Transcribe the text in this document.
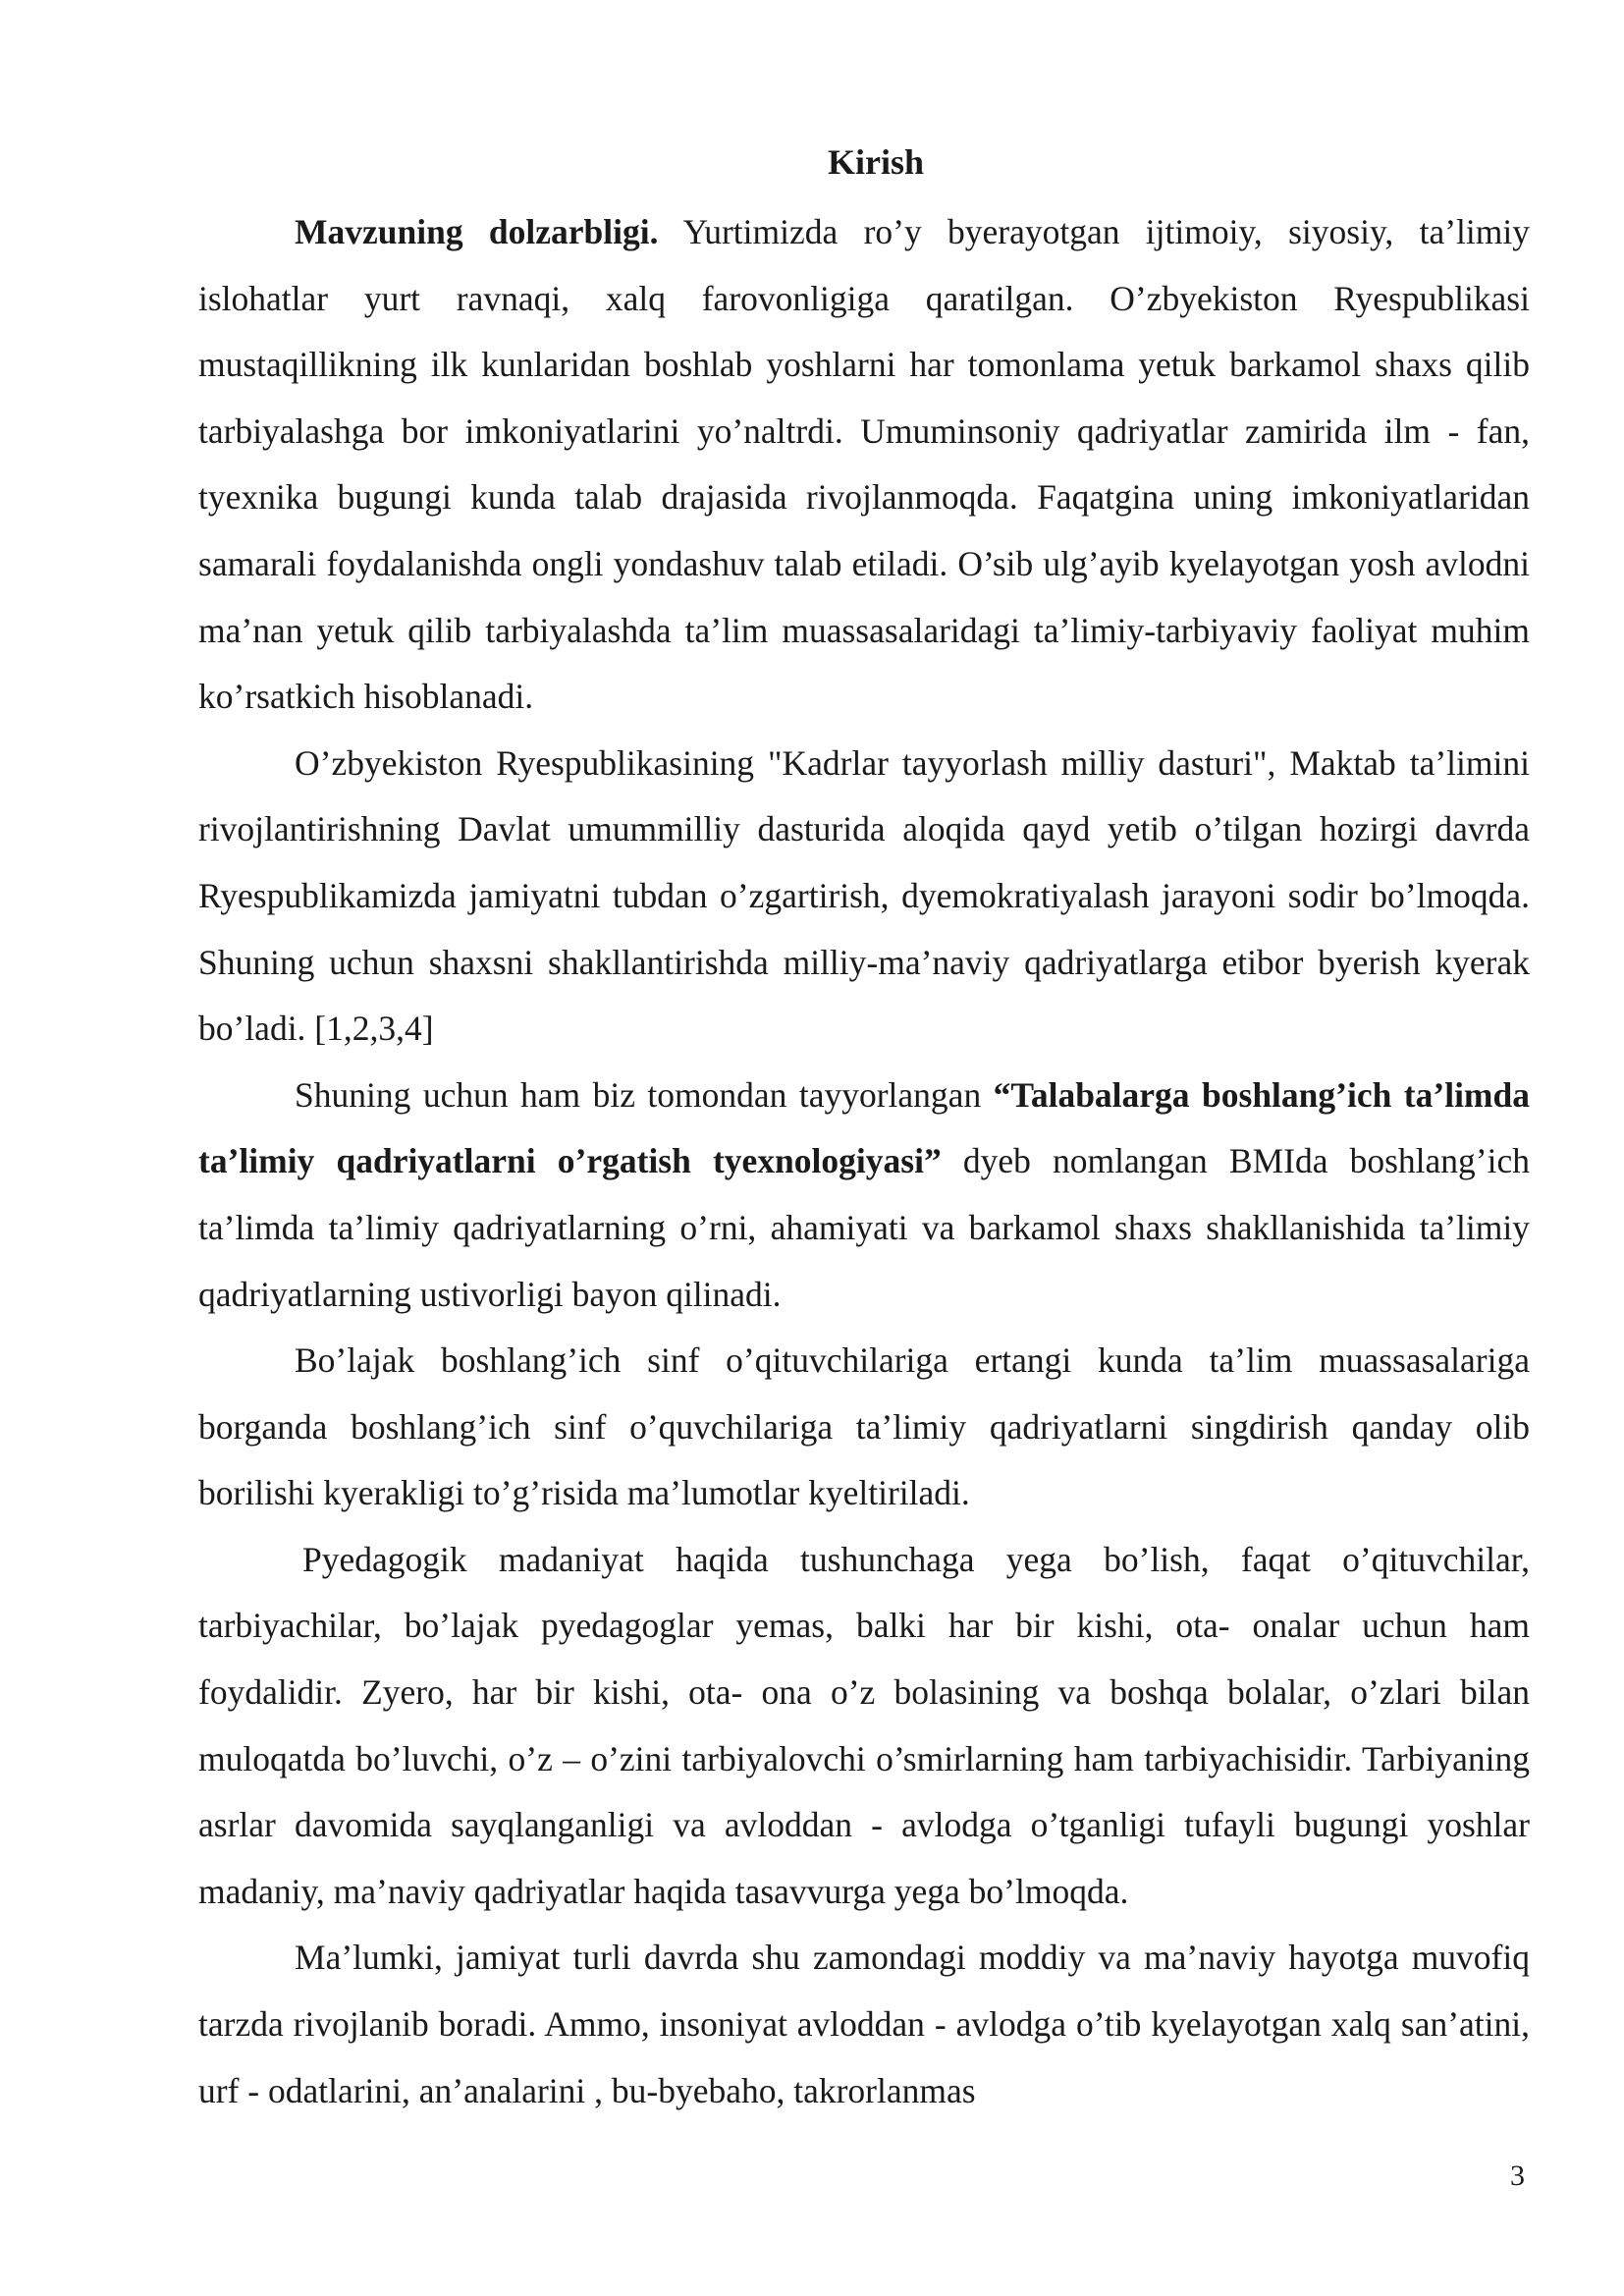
Kirish

Mavzuning dolzarbligi. Yurtimizda ro’y byerayotgan ijtimoiy, siyosiy, ta’limiy islohatlar yurt ravnaqi, xalq farovonligiga qaratilgan. O’zbyekiston Ryespublikasi mustaqillikning ilk kunlaridan boshlab yoshlarni har tomonlama yetuk barkamol shaxs qilib tarbiyalashga bor imkoniyatlarini yo’naltrdi. Umuminsoniy qadriyatlar zamirida ilm - fan, tyexnika bugungi kunda talab drajasida rivojlanmoqda. Faqatgina uning imkoniyatlaridan samarali foydalanishda ongli yondashuv talab etiladi. O’sib ulg’ayib kyelayotgan yosh avlodni ma’nan yetuk qilib tarbiyalashda ta’lim muassasalaridagi ta’limiy-tarbiyaviy faoliyat muhim ko’rsatkich hisoblanadi.

O’zbyekiston Ryespublikasining "Kadrlar tayyorlash milliy dasturi", Maktab ta’limini rivojlantirishning Davlat umummilliy dasturida aloqida qayd yetib o’tilgan hozirgi davrda Ryespublikamizda jamiyatni tubdan o’zgartirish, dyemokratiyalash jarayoni sodir bo’lmoqda. Shuning uchun shaxsni shakllantirishda milliy-ma’naviy qadriyatlarga etibor byerish kyerak bo’ladi. [1,2,3,4]

Shuning uchun ham biz tomondan tayyorlangan “Talabalarga boshlang’ich ta’limda ta’limiy qadriyatlarni o’rgatish tyexnologiyasi” dyeb nomlangan BMIda boshlang’ich ta’limda ta’limiy qadriyatlarning o’rni, ahamiyati va barkamol shaxs shakllanishida ta’limiy qadriyatlarning ustivorligi bayon qilinadi.

Bo’lajak boshlang’ich sinf o’qituvchilariga ertangi kunda ta’lim muassasalariga borganda boshlang’ich sinf o’quvchilariga ta’limiy qadriyatlarni singdirish qanday olib borilishi kyerakligi to’g’risida ma’lumotlar kyeltiriladi.

Pyedagogik madaniyat haqida tushunchaga yega bo’lish, faqat o’qituvchilar, tarbiyachilar, bo’lajak pyedagoglar yemas, balki har bir kishi, ota- onalar uchun ham foydalidir. Zyero, har bir kishi, ota- ona o’z bolasining va boshqa bolalar, o’zlari bilan muloqatda bo’luvchi, o’z – o’zini tarbiyalovchi o’smirlarning ham tarbiyachisidir. Tarbiyaning asrlar davomida sayqlanganligi va avloddan - avlodga o’tganligi tufayli bugungi yoshlar madaniy, ma’naviy qadriyatlar haqida tasavvurga yega bo’lmoqda.

Ma’lumki, jamiyat turli davrda shu zamondagi moddiy va ma’naviy hayotga muvofiq tarzda rivojlanib boradi. Ammo, insoniyat avloddan - avlodga o’tib kyelayotgan xalq san’atini, urf - odatlarini, an’analarini , bu-byebaho, takrorlanmas

3
